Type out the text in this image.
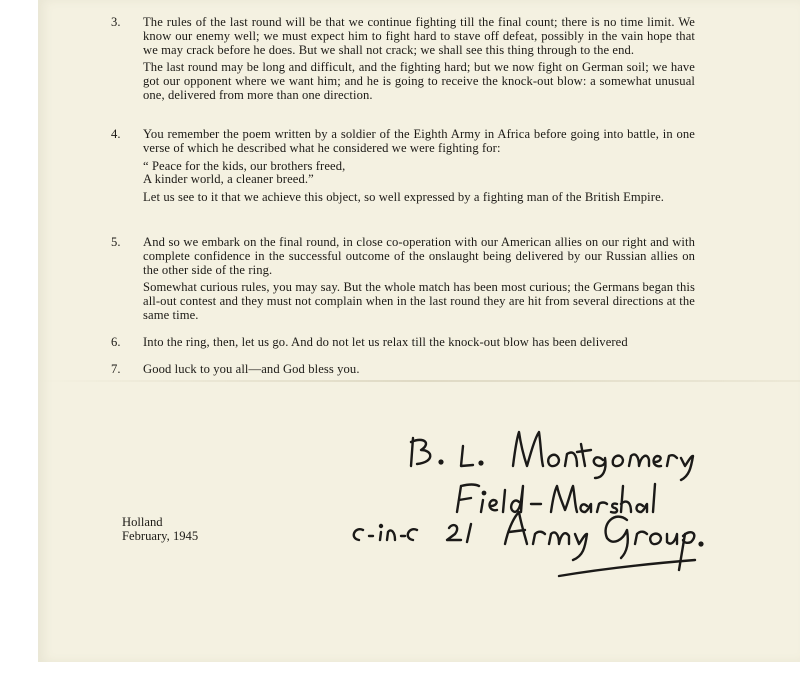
3. The rules of the last round will be that we continue fighting till the final count; there is no time limit. We know our enemy well; we must expect him to fight hard to stave off defeat, possibly in the vain hope that we may crack before he does. But we shall not crack; we shall see this thing through to the end.

The last round may be long and difficult, and the fighting hard; but we now fight on German soil; we have got our opponent where we want him; and he is going to receive the knock-out blow: a somewhat unusual one, delivered from more than one direction.

4. You remember the poem written by a soldier of the Eighth Army in Africa before going into battle, in one verse of which he described what he considered we were fighting for:

“ Peace for the kids, our brothers freed,
A kinder world, a cleaner breed.”

Let us see to it that we achieve this object, so well expressed by a fighting man of the British Empire.

5. And so we embark on the final round, in close co-operation with our American allies on our right and with complete confidence in the successful outcome of the onslaught being delivered by our Russian allies on the other side of the ring.

Somewhat curious rules, you may say. But the whole match has been most curious; the Germans began this all-out contest and they must not complain when in the last round they are hit from several directions at the same time.

6. Into the ring, then, let us go. And do not let us relax till the knock-out blow has been delivered

7. Good luck to you all—and God bless you.

Holland
February, 1945
